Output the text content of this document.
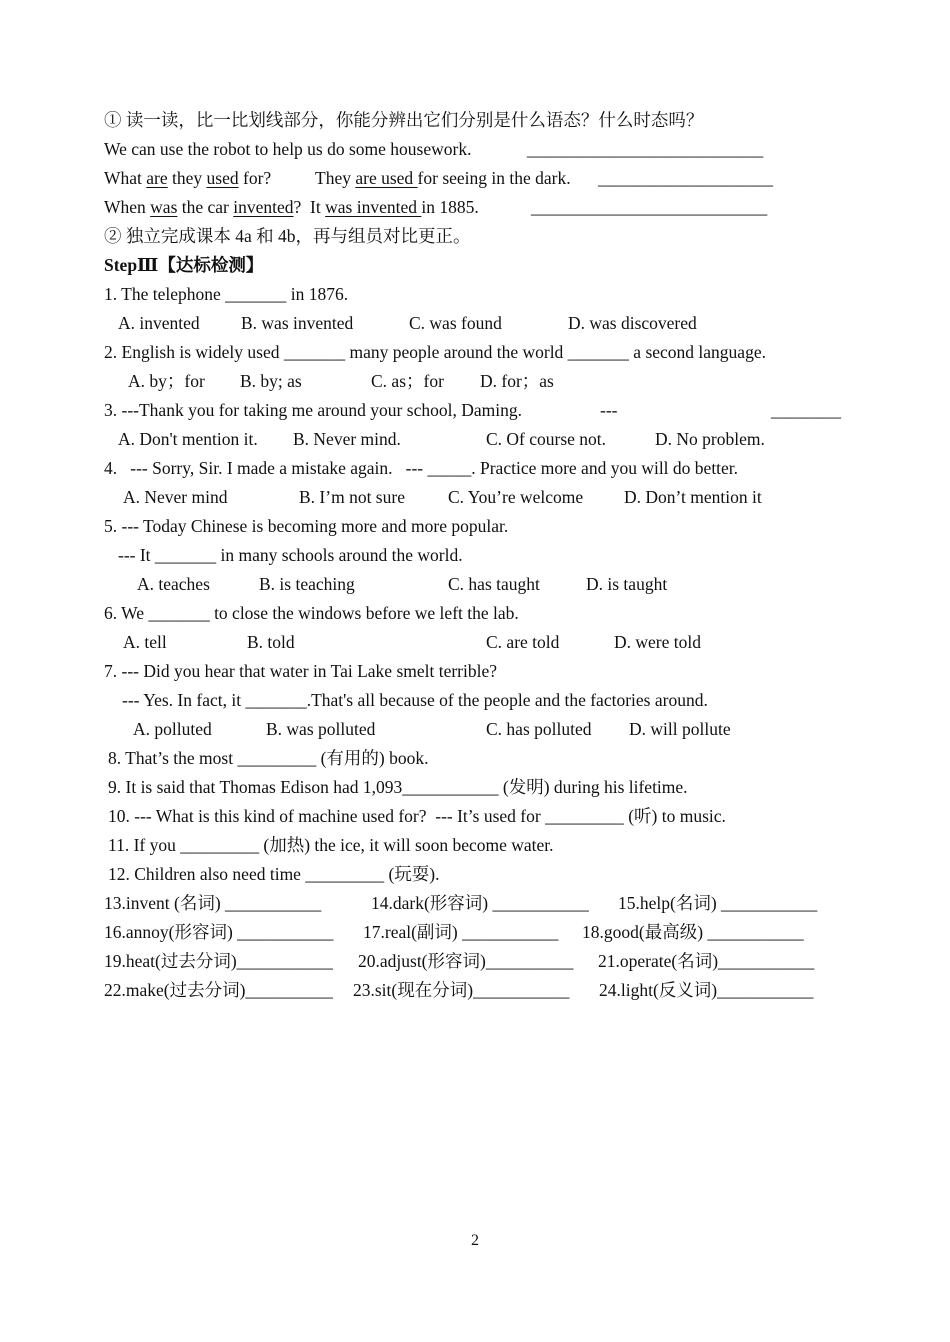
① 读一读，比一比划线部分，你能分辨出它们分别是什么语态？什么时态吗？

We can use the robot to help us do some housework.

	___________________________

What are they used for?

	They are used for seeing in the dark.

____________________

When was the car invented?  It was invented in 1885.

	___________________________

② 独立完成课本 4a 和 4b，再与组员对比更正。

StepⅢ【达标检测】

1. The telephone _______ in 1876.

A. invented

B. was invented

	C. was found

	D. was discovered

2. English is widely used _______ many people around the world _______ a second language.

A. by；for

B. by; as

	C. as；for

D. for；as

3. ---Thank you for taking me around your school, Daming.

	---

	________

A. Don't mention it.

B. Never mind.

	C. Of course not.

	D. No problem.

4.   --- Sorry, Sir. I made a mistake again.   --- _____. Practice more and you will do better.

A. Never mind

	B. I’m not sure

C. You’re welcome

D. Don’t mention it

5. --- Today Chinese is becoming more and more popular.

--- It _______ in many schools around the world.

A. teaches

	B. is teaching

	C. has taught

	D. is taught

6. We _______ to close the windows before we left the lab.

A. tell

	B. told

	C. are told

	D. were told

7. --- Did you hear that water in Tai Lake smelt terrible?

--- Yes. In fact, it _______.That's all because of the people and the factories around.

A. polluted

	B. was polluted

	C. has polluted

D. will pollute

8. That’s the most _________ (有用的) book.

9. It is said that Thomas Edison had 1,093___________ (发明) during his lifetime.

10. --- What is this kind of machine used for?  --- It’s used for _________ (听) to music.

11. If you _________ (加热) the ice, it will soon become water.

12. Children also need time _________ (玩耍).

13.invent (名词) ___________

	14.dark(形容词) ___________

15.help(名词) ___________

16.annoy(形容词) ___________

17.real(副词) ___________

18.good(最高级) ___________

19.heat(过去分词)___________

20.adjust(形容词)__________

21.operate(名词)___________

22.make(过去分词)__________

23.sit(现在分词)___________

24.light(反义词)___________

2
